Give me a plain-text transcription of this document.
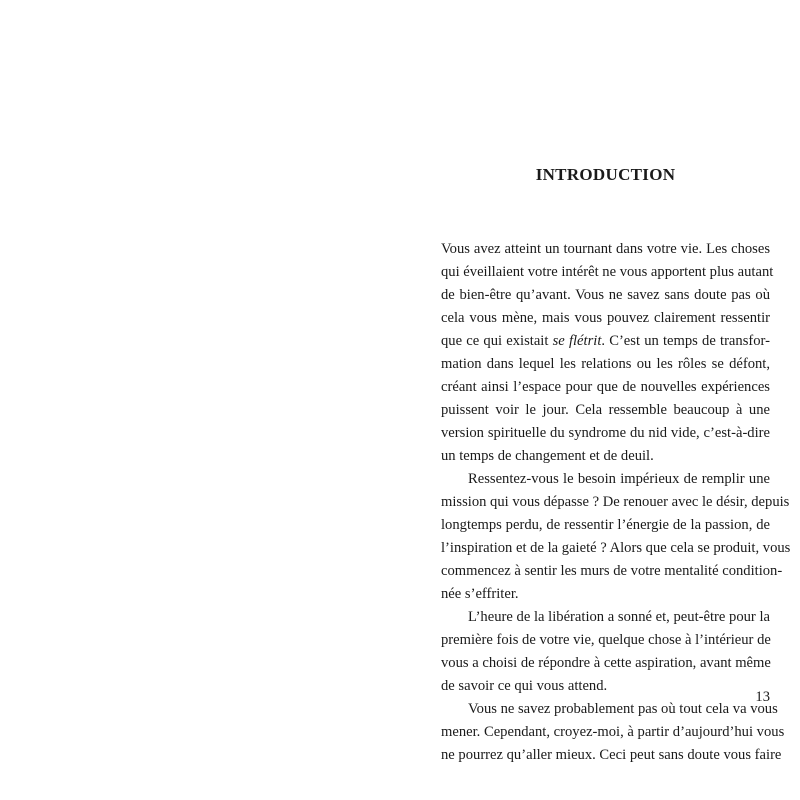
INTRODUCTION
Vous avez atteint un tournant dans votre vie. Les choses
qui éveillaient votre intérêt ne vous apportent plus autant
de bien-être qu’avant. Vous ne savez sans doute pas où
cela vous mène, mais vous pouvez clairement ressentir
que ce qui existait se flétrit. C’est un temps de transfor-
mation dans lequel les relations ou les rôles se défont,
créant ainsi l’espace pour que de nouvelles expériences
puissent voir le jour. Cela ressemble beaucoup à une
version spirituelle du syndrome du nid vide, c’est-à-dire
un temps de changement et de deuil.
Ressentez-vous le besoin impérieux de remplir une
mission qui vous dépasse ? De renouer avec le désir, depuis
longtemps perdu, de ressentir l’énergie de la passion, de
l’inspiration et de la gaieté ? Alors que cela se produit, vous
commencez à sentir les murs de votre mentalité condition-
née s’effriter.
L’heure de la libération a sonné et, peut-être pour la
première fois de votre vie, quelque chose à l’intérieur de
vous a choisi de répondre à cette aspiration, avant même
de savoir ce qui vous attend.
Vous ne savez probablement pas où tout cela va vous
mener. Cependant, croyez-moi, à partir d’aujourd’hui vous
ne pourrez qu’aller mieux. Ceci peut sans doute vous faire
13
